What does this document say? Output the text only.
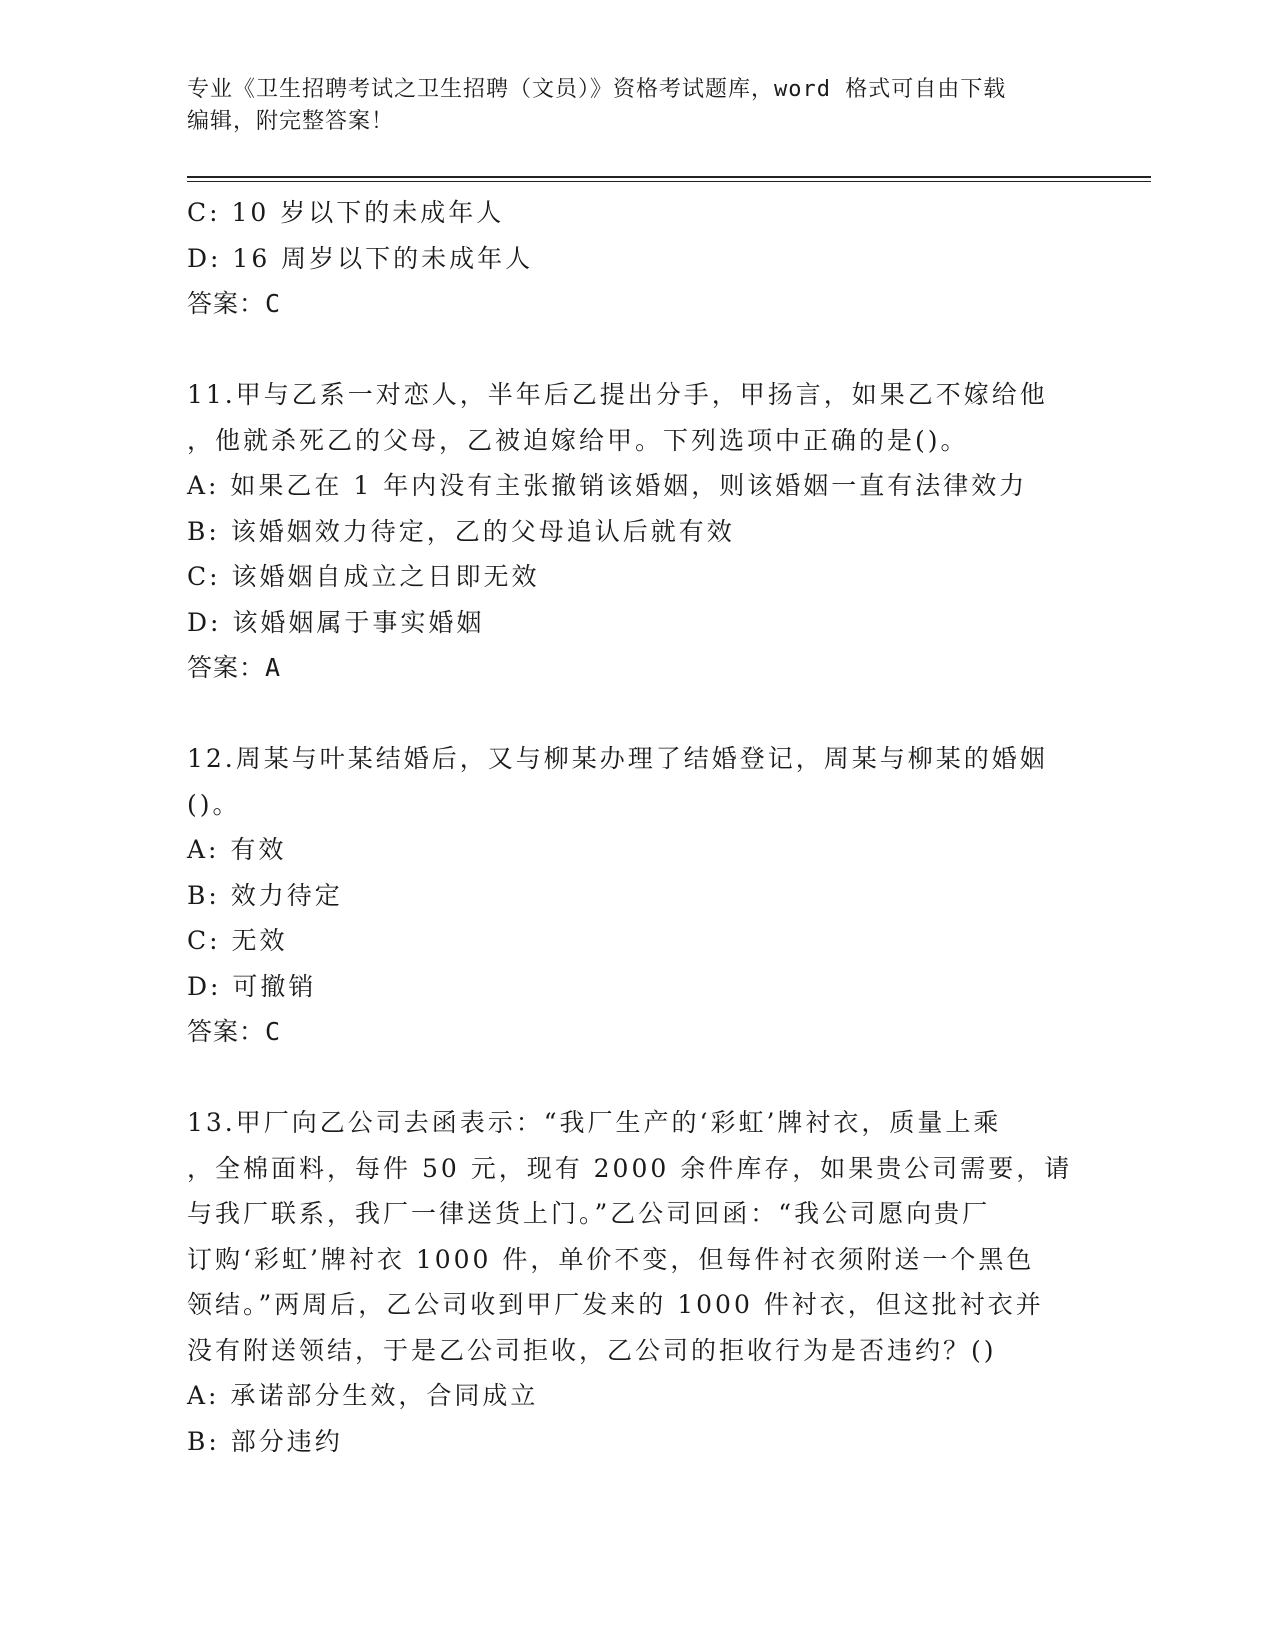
专业《卫生招聘考试之卫生招聘（文员）》资格考试题库，word 格式可自由下载
编辑，附完整答案！
C: 10 岁以下的未成年人
D: 16 周岁以下的未成年人
答案：C
11.甲与乙系一对恋人，半年后乙提出分手，甲扬言，如果乙不嫁给他
，他就杀死乙的父母，乙被迫嫁给甲。下列选项中正确的是()。
A: 如果乙在 1 年内没有主张撤销该婚姻，则该婚姻一直有法律效力
B: 该婚姻效力待定，乙的父母追认后就有效
C: 该婚姻自成立之日即无效
D: 该婚姻属于事实婚姻
答案：A
12.周某与叶某结婚后，又与柳某办理了结婚登记，周某与柳某的婚姻
()。
A: 有效
B: 效力待定
C: 无效
D: 可撤销
答案：C
13.甲厂向乙公司去函表示：“我厂生产的‘彩虹’牌衬衣，质量上乘
，全棉面料，每件 50 元，现有 2000 余件库存，如果贵公司需要，请
与我厂联系，我厂一律送货上门。”乙公司回函：“我公司愿向贵厂
订购‘彩虹’牌衬衣 1000 件，单价不变，但每件衬衣须附送一个黑色
领结。”两周后，乙公司收到甲厂发来的 1000 件衬衣，但这批衬衣并
没有附送领结，于是乙公司拒收，乙公司的拒收行为是否违约？()
A: 承诺部分生效，合同成立
B: 部分违约
